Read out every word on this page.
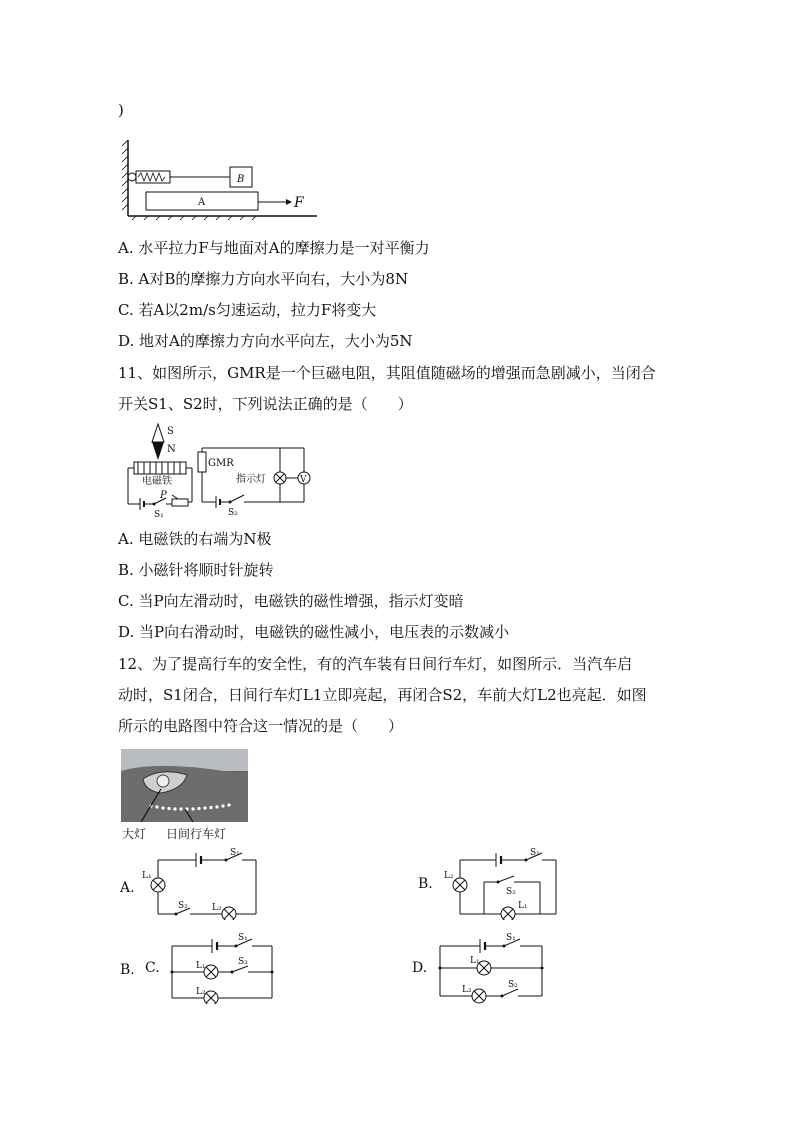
)
B
A	F
A. 水平拉力F与地面对A的摩擦力是一对平衡力
B. A对B的摩擦力方向水平向右，大小为8N
C. 若A以2m/s匀速运动，拉力F将变大
D. 地对A的摩擦力方向水平向左，大小为5N
11、如图所示，GMR是一个巨磁电阻，其阻值随磁场的增强而急剧减小，当闭合
开关S1、S2时，下列说法正确的是（　　）
S
N
电磁铁
S₁
P
GMR
S₂
指示灯	V
A. 电磁铁的右端为N极
B. 小磁针将顺时针旋转
C. 当P向左滑动时，电磁铁的磁性增强，指示灯变暗
D. 当P向右滑动时，电磁铁的磁性减小，电压表的示数减小
12、为了提高行车的安全性，有的汽车装有日间行车灯，如图所示．当汽车启
动时，S1闭合，日间行车灯L1立即亮起，再闭合S2，车前大灯L2也亮起．如图
所示的电路图中符合这一情况的是（　　）
大灯 日间行车灯
A.	B.
B. C.	D.
S₁
L₁
S₂	L₂
S₁
L₂
S₂
L₁
S₁
L₁	S₂
L₂
S₁
L₁
L₂	S₂
